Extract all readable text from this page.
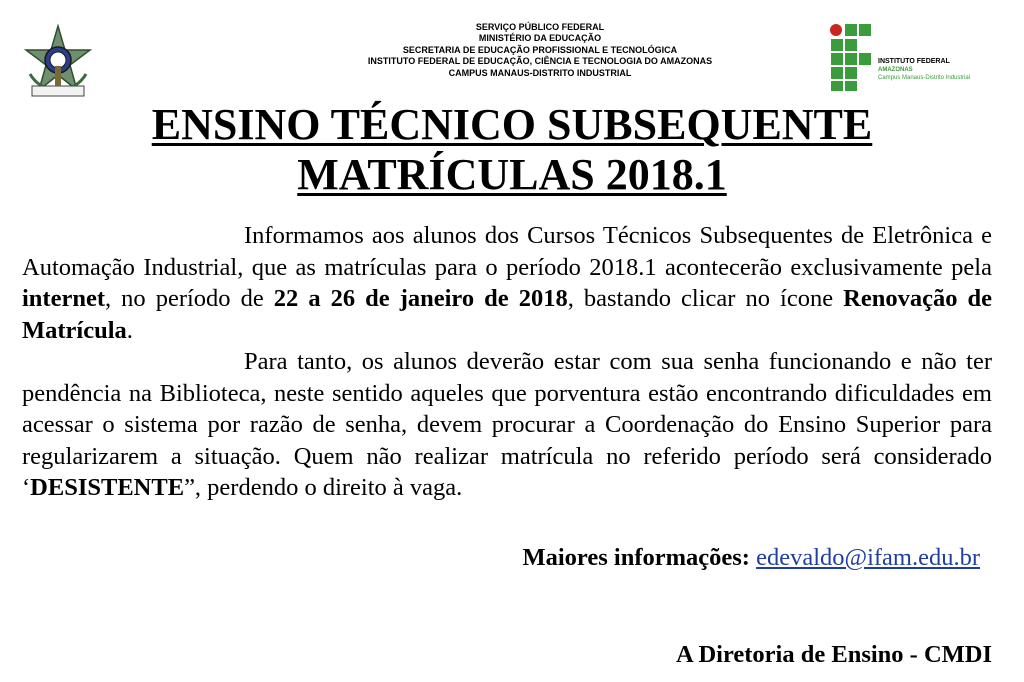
SERVIÇO PÚBLICO FEDERAL
MINISTÉRIO DA EDUCAÇÃO
SECRETARIA DE EDUCAÇÃO PROFISSIONAL E TECNOLÓGICA
INSTITUTO FEDERAL DE EDUCAÇÃO, CIÊNCIA E TECNOLOGIA DO AMAZONAS
CAMPUS MANAUS-DISTRITO INDUSTRIAL
INSTITUTO FEDERAL
AMAZONAS
Campus Manaus-Distrito Industrial
ENSINO TÉCNICO SUBSEQUENTE
MATRÍCULAS 2018.1

Informamos aos alunos dos Cursos Técnicos Subsequentes de Eletrônica e Automação Industrial, que as matrículas para o período 2018.1 acontecerão exclusivamente pela internet, no período de 22 a 26 de janeiro de 2018, bastando clicar no ícone Renovação de Matrícula.

Para tanto, os alunos deverão estar com sua senha funcionando e não ter pendência na Biblioteca, neste sentido aqueles que porventura estão encontrando dificuldades em acessar o sistema por razão de senha, devem procurar a Coordenação do Ensino Superior para regularizarem a situação. Quem não realizar matrícula no referido período será considerado ‘DESISTENTE”, perdendo o direito à vaga.

Maiores informações: edevaldo@ifam.edu.br
A Diretoria de Ensino - CMDI
